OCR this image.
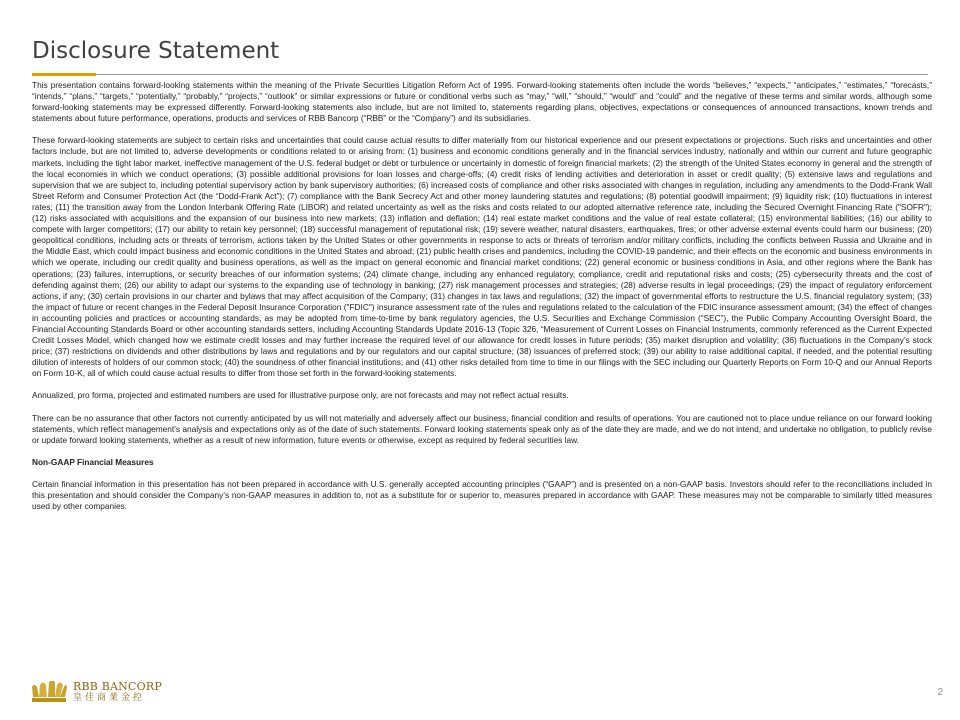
Disclosure Statement

This presentation contains forward-looking statements within the meaning of the Private Securities Litigation Reform Act of 1995. Forward-looking statements often include the words “believes,” “expects,” “anticipates,” “estimates,” “forecasts,” “intends,” “plans,” “targets,” “potentially,” “probably,” “projects,” “outlook” or similar expressions or future or conditional verbs such as “may,” “will,” “should,” “would” and “could” and the negative of these terms and similar words, although some forward-looking statements may be expressed differently. Forward-looking statements also include, but are not limited to, statements regarding plans, objectives, expectations or consequences of announced transactions, known trends and statements about future performance, operations, products and services of RBB Bancorp (“RBB” or the “Company”) and its subsidiaries.

These forward-looking statements are subject to certain risks and uncertainties that could cause actual results to differ materially from our historical experience and our present expectations or projections. Such risks and uncertainties and other factors include, but are not limited to, adverse developments or conditions related to or arising from: (1) business and economic conditions generally and in the financial services industry, nationally and within our current and future geographic markets, including the tight labor market, ineffective management of the U.S. federal budget or debt or turbulence or uncertainly in domestic of foreign financial markets; (2) the strength of the United States economy in general and the strength of the local economies in which we conduct operations; (3) possible additional provisions for loan losses and charge-offs; (4) credit risks of lending activities and deterioration in asset or credit quality; (5) extensive laws and regulations and supervision that we are subject to, including potential supervisory action by bank supervisory authorities; (6) increased costs of compliance and other risks associated with changes in regulation, including any amendments to the Dodd-Frank Wall Street Reform and Consumer Protection Act (the “Dodd-Frank Act”); (7) compliance with the Bank Secrecy Act and other money laundering statutes and regulations; (8) potential goodwill impairment; (9) liquidity risk; (10) fluctuations in interest rates; (11) the transition away from the London Interbank Offering Rate (LIBOR) and related uncertainty as well as the risks and costs related to our adopted alternative reference rate, including the Secured Overnight Financing Rate ("SOFR"); (12) risks associated with acquisitions and the expansion of our business into new markets; (13) inflation and deflation; (14) real estate market conditions and the value of real estate collateral; (15) environmental liabilities; (16) our ability to compete with larger competitors; (17) our ability to retain key personnel; (18) successful management of reputational risk; (19) severe weather, natural disasters, earthquakes, fires; or other adverse external events could harm our business; (20) geopolitical conditions, including acts or threats of terrorism, actions taken by the United States or other governments in response to acts or threats of terrorism and/or military conflicts, including the conflicts between Russia and Ukraine and in the Middle East, which could impact business and economic conditions in the United States and abroad; (21) public health crises and pandemics, including the COVID-19 pandemic, and their effects on the economic and business environments in which we operate, including our credit quality and business operations, as well as the impact on general economic and financial market conditions; (22) general economic or business conditions in Asia, and other regions where the Bank has operations; (23) failures, interruptions, or security breaches of our information systems; (24) climate change, including any enhanced regulatory, compliance, credit and reputational risks and costs; (25) cybersecurity threats and the cost of defending against them; (26) our ability to adapt our systems to the expanding use of technology in banking; (27) risk management processes and strategies; (28) adverse results in legal proceedings; (29) the impact of regulatory enforcement actions, if any; (30) certain provisions in our charter and bylaws that may affect acquisition of the Company; (31) changes in tax laws and regulations; (32) the impact of governmental efforts to restructure the U.S. financial regulatory system; (33) the impact of future or recent changes in the Federal Deposit Insurance Corporation ("FDIC") insurance assessment rate of the rules and regulations related to the calculation of the FDIC insurance assessment amount; (34) the effect of changes in accounting policies and practices or accounting standards, as may be adopted from time-to-time by bank regulatory agencies, the U.S. Securities and Exchange Commission (“SEC”), the Public Company Accounting Oversight Board, the Financial Accounting Standards Board or other accounting standards setters, including Accounting Standards Update 2016-13 (Topic 326, “Measurement of Current Losses on Financial Instruments, commonly referenced as the Current Expected Credit Losses Model, which changed how we estimate credit losses and may further increase the required level of our allowance for credit losses in future periods; (35) market disruption and volatility; (36) fluctuations in the Company’s stock price; (37) restrictions on dividends and other distributions by laws and regulations and by our regulators and our capital structure; (38) issuances of preferred stock; (39) our ability to raise additional capital, if needed, and the potential resulting dilution of interests of holders of our common stock; (40) the soundness of other financial institutions; and (41) other risks detailed from time to time in our filings with the SEC including our Quarterly Reports on Form 10-Q and our Annual Reports on Form 10-K, all of which could cause actual results to differ from those set forth in the forward-looking statements.

Annualized, pro forma, projected and estimated numbers are used for illustrative purpose only, are not forecasts and may not reflect actual results.

There can be no assurance that other factors not currently anticipated by us will not materially and adversely affect our business, financial condition and results of operations. You are cautioned not to place undue reliance on our forward looking statements, which reflect management’s analysis and expectations only as of the date of such statements. Forward looking statements speak only as of the date they are made, and we do not intend, and undertake no obligation, to publicly revise or update forward looking statements, whether as a result of new information, future events or otherwise, except as required by federal securities law.

Non-GAAP Financial Measures

Certain financial information in this presentation has not been prepared in accordance with U.S. generally accepted accounting principles (“GAAP”) and is presented on a non-GAAP basis. Investors should refer to the reconciliations included in this presentation and should consider the Company’s non-GAAP measures in addition to, not as a substitute for or superior to, measures prepared in accordance with GAAP. These measures may not be comparable to similarly titled measures used by other companies.

RBB BANCORP
皇佳商業金控	2
